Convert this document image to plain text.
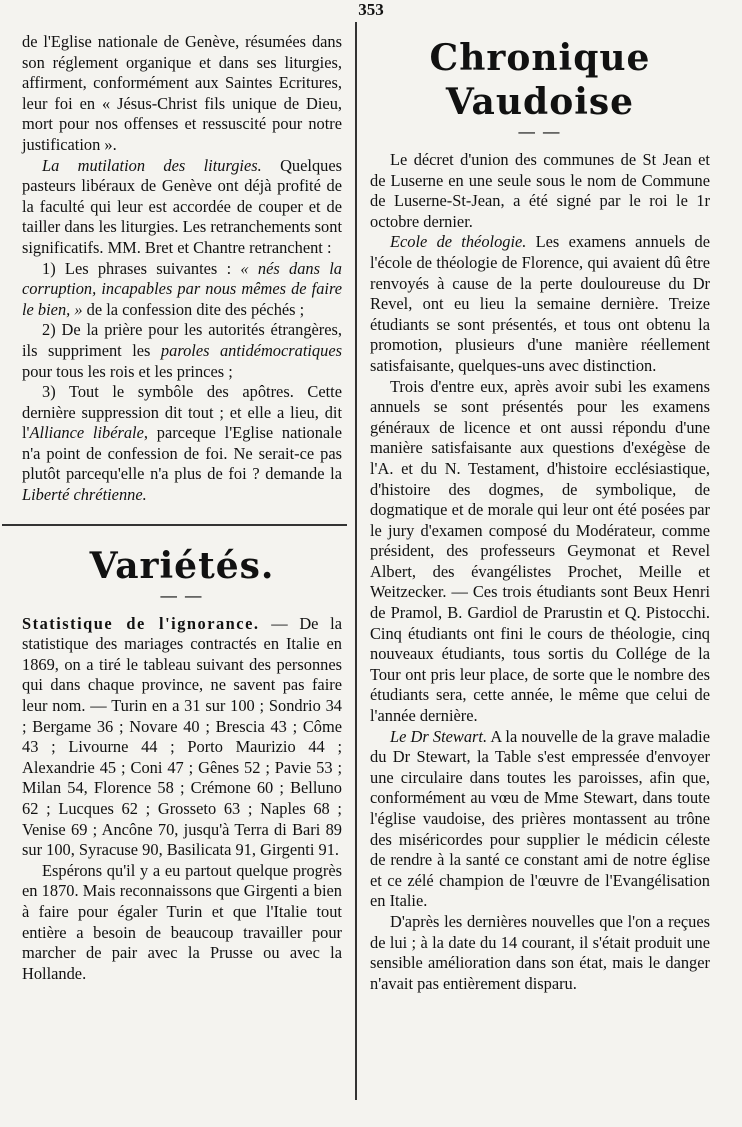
353

de l'Eglise nationale de Genève, résumées dans son réglement organique et dans ses liturgies, affirment, conformément aux Saintes Ecritures, leur foi en « Jésus-Christ fils unique de Dieu, mort pour nos offenses et ressuscité pour notre justification ».

La mutilation des liturgies. Quelques pasteurs libéraux de Genève ont déjà profité de la faculté qui leur est accordée de couper et de tailler dans les liturgies. Les retranchements sont significatifs. MM. Bret et Chantre retranchent :

1) Les phrases suivantes : « nés dans la corruption, incapables par nous mêmes de faire le bien, » de la confession dite des péchés ;

2) De la prière pour les autorités étrangères, ils suppriment les paroles antidémocratiques pour tous les rois et les princes ;

3) Tout le symbôle des apôtres. Cette dernière suppression dit tout ; et elle a lieu, dit l'Alliance libérale, parceque l'Eglise nationale n'a point de confession de foi. Ne serait-ce pas plutôt parcequ'elle n'a plus de foi ? demande la Liberté chrétienne.

Variétés.
— —

Statistique de l'ignorance. — De la statistique des mariages contractés en Italie en 1869, on a tiré le tableau suivant des personnes qui dans chaque province, ne savent pas faire leur nom. — Turin en a 31 sur 100 ; Sondrio 34 ; Bergame 36 ; Novare 40 ; Brescia 43 ; Côme 43 ; Livourne 44 ; Porto Maurizio 44 ; Alexandrie 45 ; Coni 47 ; Gênes 52 ; Pavie 53 ; Milan 54, Florence 58 ; Crémone 60 ; Belluno 62 ; Lucques 62 ; Grosseto 63 ; Naples 68 ; Venise 69 ; Ancône 70, jusqu'à Terra di Bari 89 sur 100, Syracuse 90, Basilicata 91, Girgenti 91.

Espérons qu'il y a eu partout quelque progrès en 1870. Mais reconnaissons que Girgenti a bien à faire pour égaler Turin et que l'Italie tout entière a besoin de beaucoup travailler pour marcher de pair avec la Prusse ou avec la Hollande.

Chronique Vaudoise
— —

Le décret d'union des communes de St Jean et de Luserne en une seule sous le nom de Commune de Luserne-St-Jean, a été signé par le roi le 1r octobre dernier.

Ecole de théologie. Les examens annuels de l'école de théologie de Florence, qui avaient dû être renvoyés à cause de la perte douloureuse du Dr Revel, ont eu lieu la semaine dernière. Treize étudiants se sont présentés, et tous ont obtenu la promotion, plusieurs d'une manière réellement satisfaisante, quelques-uns avec distinction.

Trois d'entre eux, après avoir subi les examens annuels se sont présentés pour les examens généraux de licence et ont aussi répondu d'une manière satisfaisante aux questions d'exégèse de l'A. et du N. Testament, d'histoire ecclésiastique, d'histoire des dogmes, de symbolique, de dogmatique et de morale qui leur ont été posées par le jury d'examen composé du Modérateur, comme président, des professeurs Geymonat et Revel Albert, des évangélistes Prochet, Meille et Weitzecker. — Ces trois étudiants sont Beux Henri de Pramol, B. Gardiol de Prarustin et Q. Pistocchi. Cinq étudiants ont fini le cours de théologie, cinq nouveaux étudiants, tous sortis du Collége de la Tour ont pris leur place, de sorte que le nombre des étudiants sera, cette année, le même que celui de l'année dernière.

Le Dr Stewart. A la nouvelle de la grave maladie du Dr Stewart, la Table s'est empressée d'envoyer une circulaire dans toutes les paroisses, afin que, conformément au vœu de Mme Stewart, dans toute l'église vaudoise, des prières montassent au trône des miséricordes pour supplier le médicin céleste de rendre à la santé ce constant ami de notre église et ce zélé champion de l'œuvre de l'Evangélisation en Italie.

D'après les dernières nouvelles que l'on a reçues de lui ; à la date du 14 courant, il s'était produit une sensible amélioration dans son état, mais le danger n'avait pas entièrement disparu.
